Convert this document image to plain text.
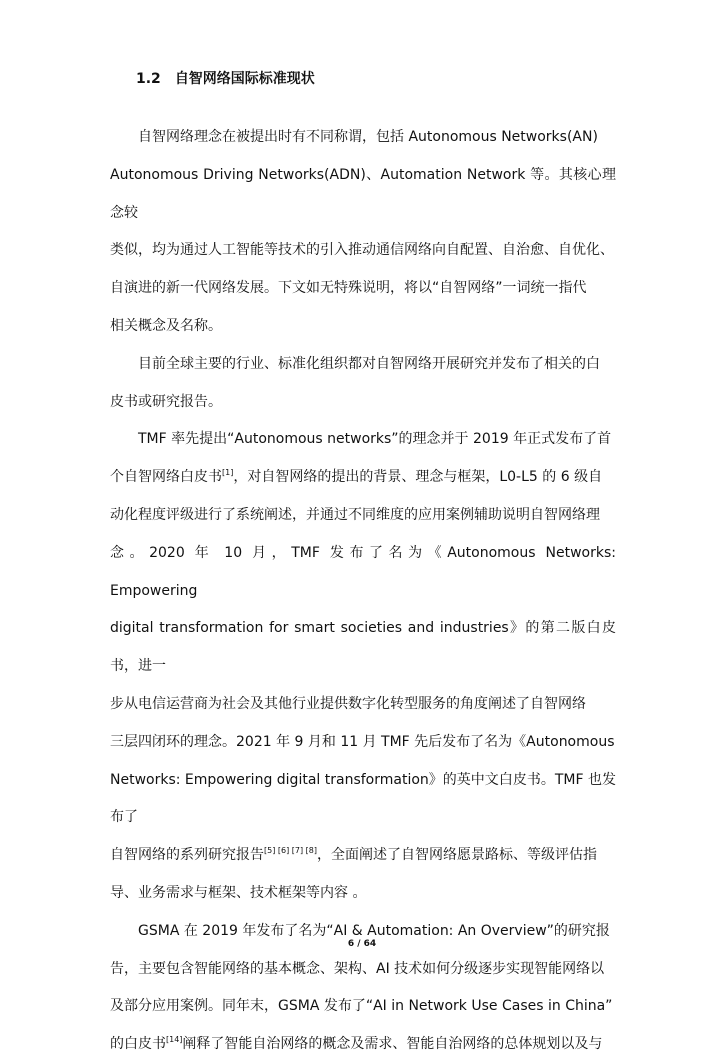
1.2 自智网络国际标准现状

自智网络理念在被提出时有不同称谓，包括 Autonomous Networks(AN)
Autonomous Driving Networks(ADN)、Automation Network 等。其核心理念较
类似，均为通过人工智能等技术的引入推动通信网络向自配置、自治愈、自优化、
自演进的新一代网络发展。下文如无特殊说明，将以“自智网络”一词统一指代
相关概念及名称。

目前全球主要的行业、标准化组织都对自智网络开展研究并发布了相关的白
皮书或研究报告。

TMF 率先提出“Autonomous networks”的理念并于 2019 年正式发布了首
个自智网络白皮书[1]，对自智网络的提出的背景、理念与框架，L0-L5 的 6 级自
动化程度评级进行了系统阐述，并通过不同维度的应用案例辅助说明自智网络理
念。2020 年 10 月，TMF 发布了名为《Autonomous Networks: Empowering
digital transformation for smart societies and industries》的第二版白皮书，进一
步从电信运营商为社会及其他行业提供数字化转型服务的角度阐述了自智网络
三层四闭环的理念。2021 年 9 月和 11 月 TMF 先后发布了名为《Autonomous
Networks: Empowering digital transformation》的英中文白皮书。TMF 也发布了
自智网络的系列研究报告[5] [6] [7] [8]，全面阐述了自智网络愿景路标、等级评估指
导、业务需求与框架、技术框架等内容 。

GSMA 在 2019 年发布了名为“AI & Automation: An Overview”的研究报
告，主要包含智能网络的基本概念、架构、AI 技术如何分级逐步实现智能网络以
及部分应用案例。同年末，GSMA 发布了“AI in Network Use Cases in China”
的白皮书[14]阐释了智能自治网络的概念及需求、智能自治网络的总体规划以及与

6 / 64
